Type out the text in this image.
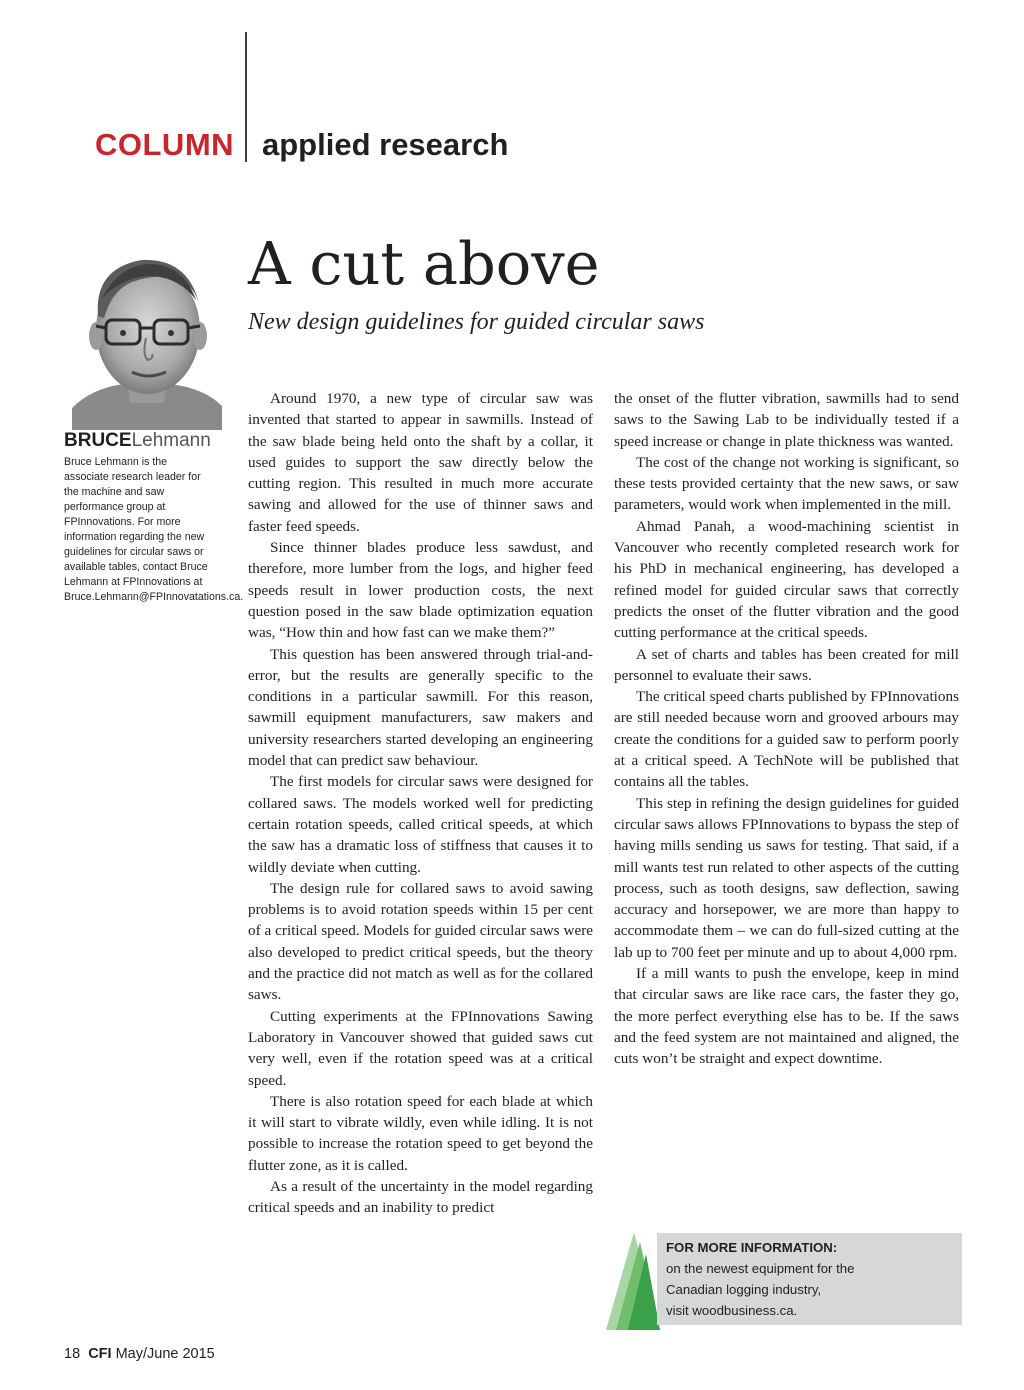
COLUMN applied research
BRUCELehmann
Bruce Lehmann is the associate research leader for the machine and saw performance group at FPInnovations. For more information regarding the new guidelines for circular saws or available tables, contact Bruce Lehmann at FPInnovations at Bruce.Lehmann@FPInnovatations.ca.
A cut above
New design guidelines for guided circular saws

Around 1970, a new type of circular saw was invented that started to appear in sawmills. Instead of the saw blade being held onto the shaft by a collar, it used guides to support the saw directly below the cutting region. This resulted in much more accurate sawing and allowed for the use of thinner saws and faster feed speeds.

Since thinner blades produce less sawdust, and therefore, more lumber from the logs, and higher feed speeds result in lower production costs, the next question posed in the saw blade optimization equation was, “How thin and how fast can we make them?”

This question has been answered through trial-and-error, but the results are generally specific to the conditions in a particular sawmill. For this reason, sawmill equipment manufacturers, saw makers and university researchers started developing an engineering model that can predict saw behaviour.

The first models for circular saws were designed for collared saws. The models worked well for predicting certain rotation speeds, called critical speeds, at which the saw has a dramatic loss of stiffness that causes it to wildly deviate when cutting.

The design rule for collared saws to avoid sawing problems is to avoid rotation speeds within 15 per cent of a critical speed. Models for guided circular saws were also developed to predict critical speeds, but the theory and the practice did not match as well as for the collared saws.

Cutting experiments at the FPInnovations Sawing Laboratory in Vancouver showed that guided saws cut very well, even if the rotation speed was at a critical speed.

There is also rotation speed for each blade at which it will start to vibrate wildly, even while idling. It is not possible to increase the rotation speed to get beyond the flutter zone, as it is called.

As a result of the uncertainty in the model regarding critical speeds and an inability to predict

the onset of the flutter vibration, sawmills had to send saws to the Sawing Lab to be individually tested if a speed increase or change in plate thickness was wanted.

The cost of the change not working is significant, so these tests provided certainty that the new saws, or saw parameters, would work when implemented in the mill.

Ahmad Panah, a wood-machining scientist in Vancouver who recently completed research work for his PhD in mechanical engineering, has developed a refined model for guided circular saws that correctly predicts the onset of the flutter vibration and the good cutting performance at the critical speeds.

A set of charts and tables has been created for mill personnel to evaluate their saws.

The critical speed charts published by FPInnovations are still needed because worn and grooved arbours may create the conditions for a guided saw to perform poorly at a critical speed. A TechNote will be published that contains all the tables.

This step in refining the design guidelines for guided circular saws allows FPInnovations to bypass the step of having mills sending us saws for testing. That said, if a mill wants test run related to other aspects of the cutting process, such as tooth designs, saw deflection, sawing accuracy and horsepower, we are more than happy to accommodate them – we can do full-sized cutting at the lab up to 700 feet per minute and up to about 4,000 rpm.

If a mill wants to push the envelope, keep in mind that circular saws are like race cars, the faster they go, the more perfect everything else has to be. If the saws and the feed system are not maintained and aligned, the cuts won’t be straight and expect downtime.

FOR MORE INFORMATION:
on the newest equipment for the
Canadian logging industry,
visit woodbusiness.ca.
18 CFI May/June 2015
